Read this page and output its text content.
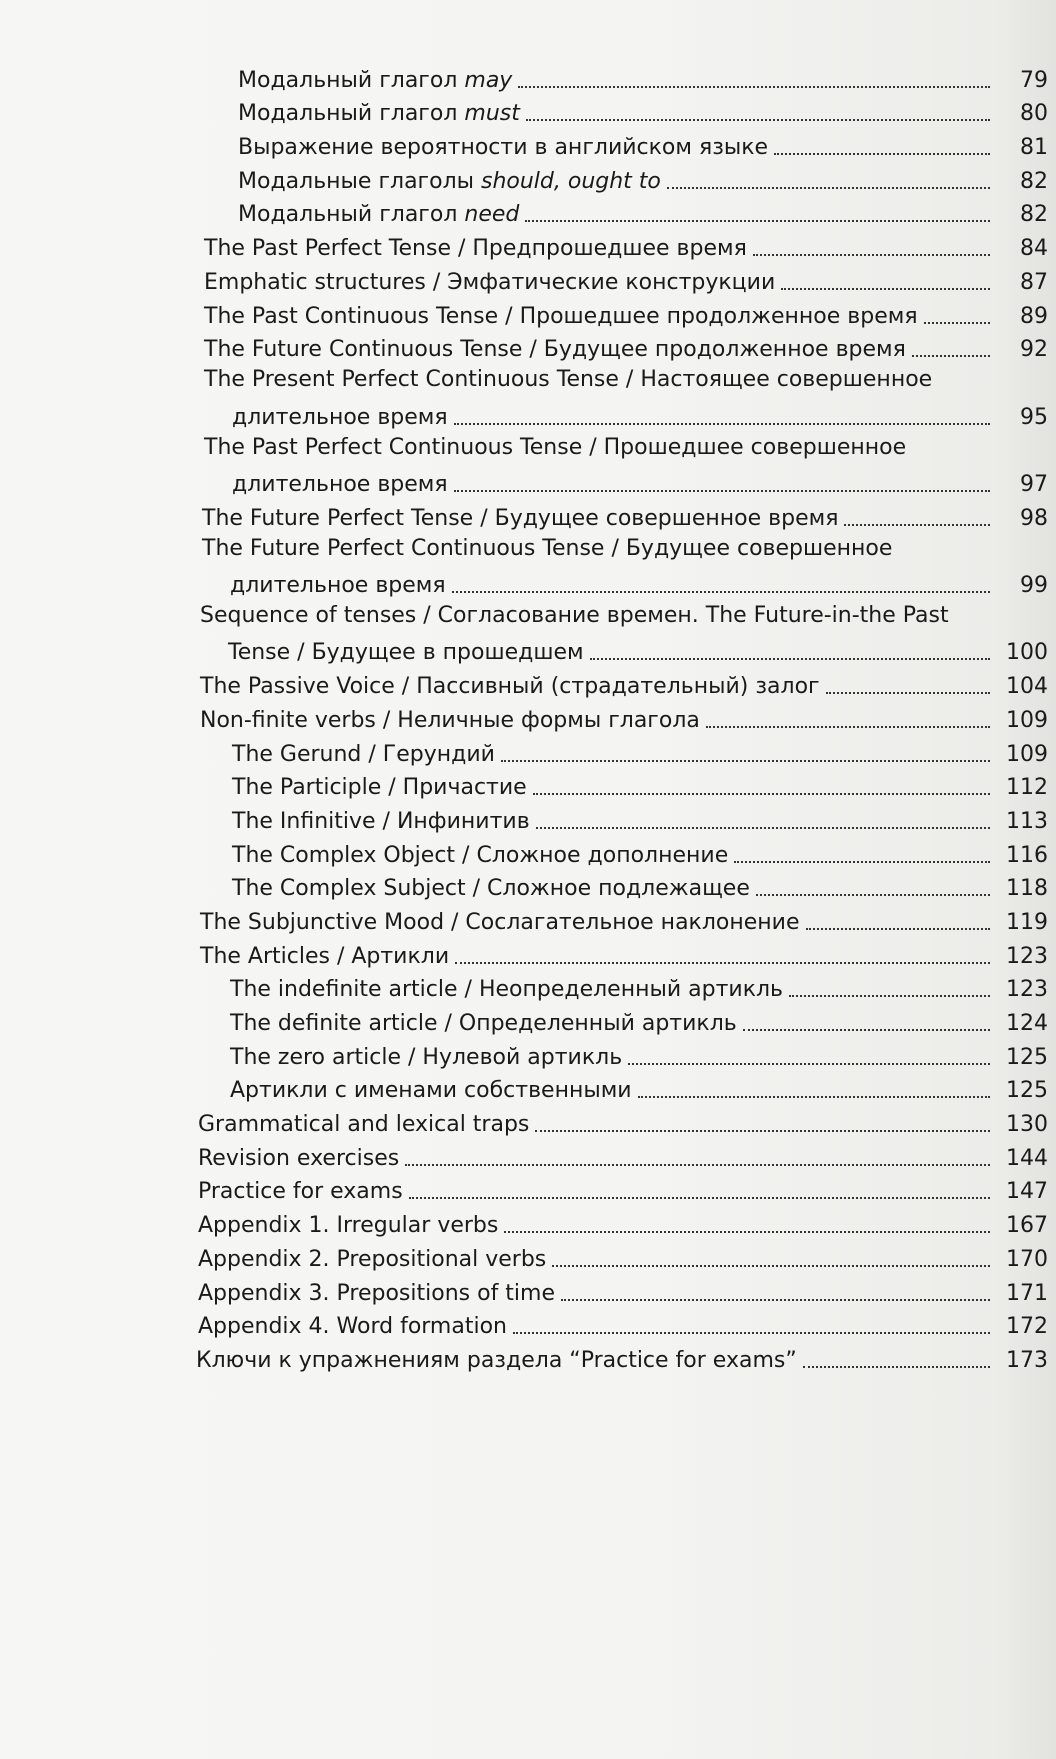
Модальный глагол may	79
Модальный глагол must	80
Выражение вероятности в английском языке	81
Модальные глаголы should, ought to	82
Модальный глагол need	82
The Past Perfect Tense / Предпрошедшее время	84
Emphatic structures / Эмфатические конструкции	87
The Past Continuous Tense / Прошедшее продолженное время	89
The Future Continuous Tense / Будущее продолженное время	92
The Present Perfect Continuous Tense / Настоящее совершенное
длительное время	95
The Past Perfect Continuous Tense / Прошедшее совершенное
длительное время	97
The Future Perfect Tense / Будущее совершенное время	98
The Future Perfect Continuous Tense / Будущее совершенное
длительное время	99
Sequence of tenses / Согласование времен. The Future-in-the Past
Tense / Будущее в прошедшем	100
The Passive Voice / Пассивный (страдательный) залог	104
Non-finite verbs / Неличные формы глагола	109
The Gerund / Герундий	109
The Participle / Причастие	112
The Infinitive / Инфинитив	113
The Complex Object / Сложное дополнение	116
The Complex Subject / Сложное подлежащее	118
The Subjunctive Mood / Сослагательное наклонение	119
The Articles / Артикли	123
The indefinite article / Неопределенный артикль	123
The definite article / Определенный артикль	124
The zero article / Нулевой артикль	125
Артикли с именами собственными	125
Grammatical and lexical traps	130
Revision exercises	144
Practice for exams	147
Appendix 1. Irregular verbs	167
Appendix 2. Prepositional verbs	170
Appendix 3. Prepositions of time	171
Appendix 4. Word formation	172
Ключи к упражнениям раздела “Practice for exams”	173
